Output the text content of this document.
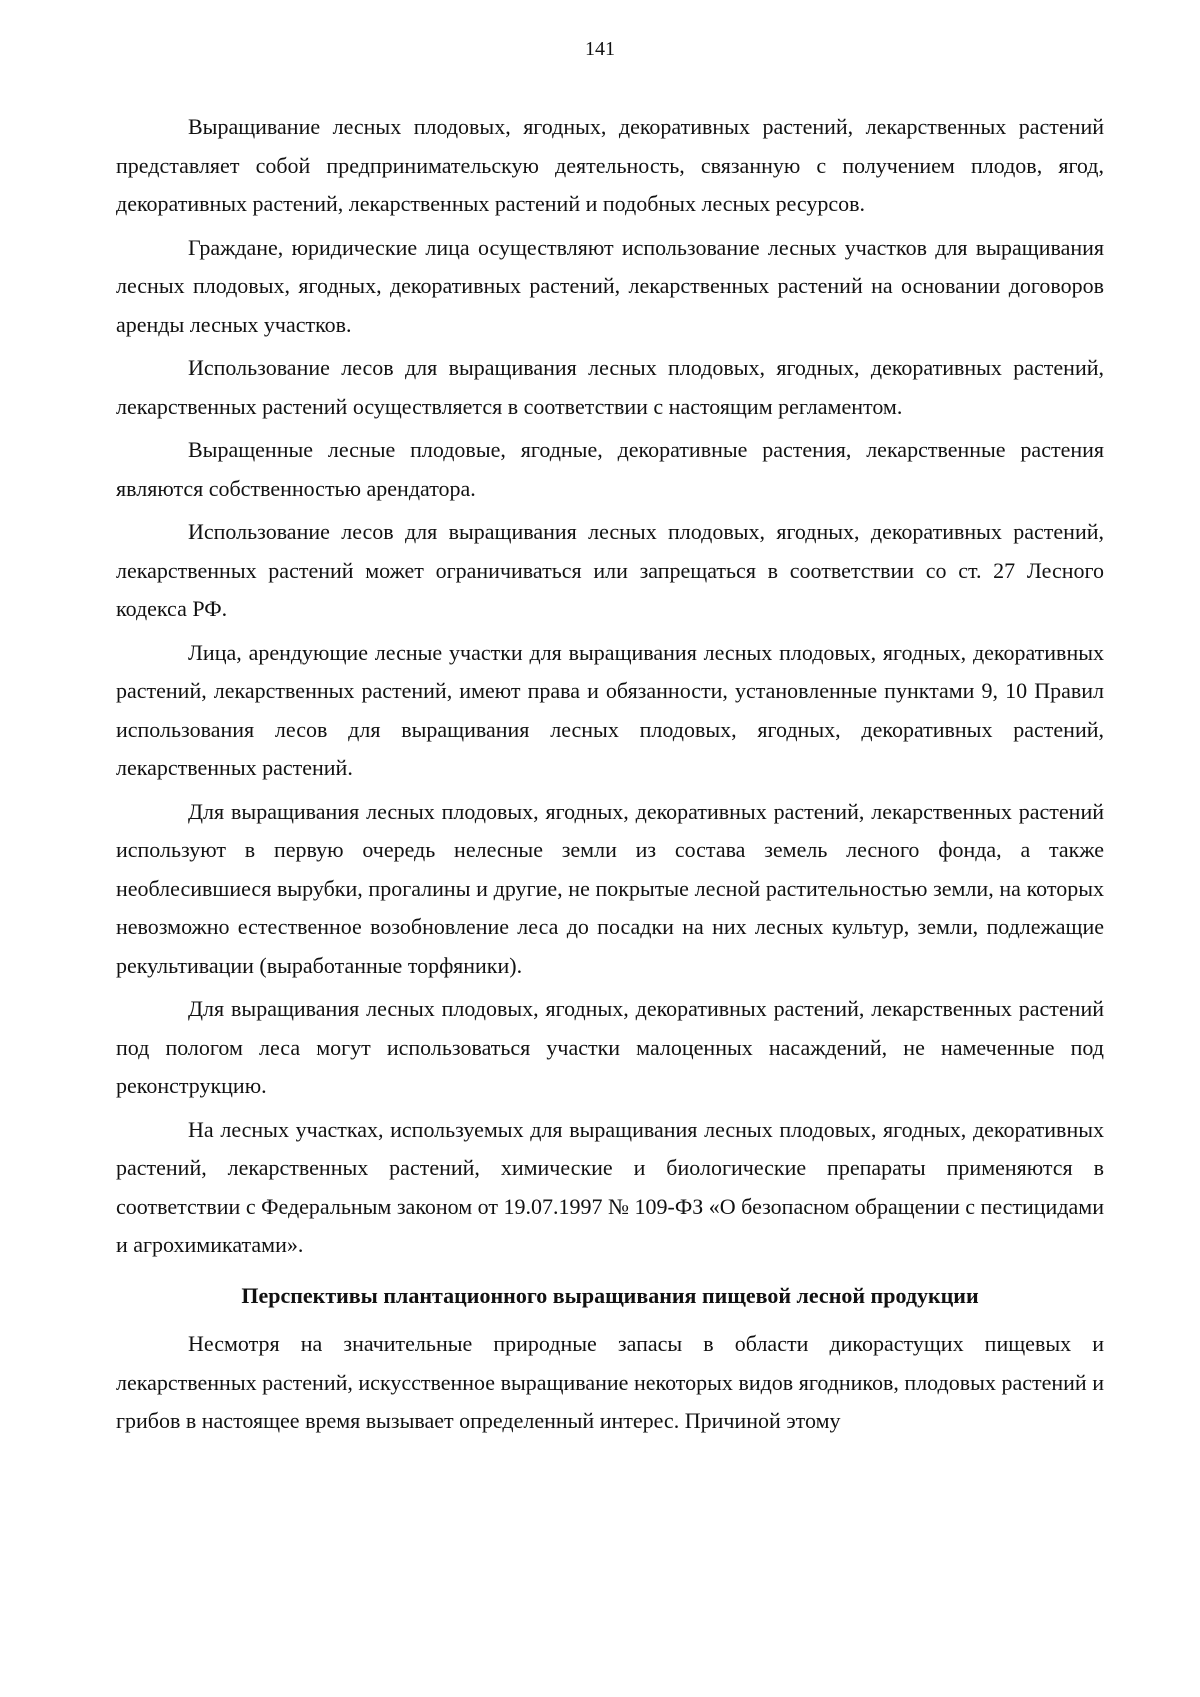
141

Выращивание лесных плодовых, ягодных, декоративных растений, лекарственных растений представляет собой предпринимательскую деятельность, связанную с получением плодов, ягод, декоративных растений, лекарственных растений и подобных лесных ресурсов.

Граждане, юридические лица осуществляют использование лесных участков для выращивания лесных плодовых, ягодных, декоративных растений, лекарственных растений на основании договоров аренды лесных участков.

Использование лесов для выращивания лесных плодовых, ягодных, декоративных растений, лекарственных растений осуществляется в соответствии с настоящим регламентом.

Выращенные лесные плодовые, ягодные, декоративные растения, лекарственные растения являются собственностью арендатора.

Использование лесов для выращивания лесных плодовых, ягодных, декоративных растений, лекарственных растений может ограничиваться или запрещаться в соответствии со ст. 27 Лесного кодекса РФ.

Лица, арендующие лесные участки для выращивания лесных плодовых, ягодных, декоративных растений, лекарственных растений, имеют права и обязанности, установленные пунктами 9, 10 Правил использования лесов для выращивания лесных плодовых, ягодных, декоративных растений, лекарственных растений.

Для выращивания лесных плодовых, ягодных, декоративных растений, лекарственных растений используют в первую очередь нелесные земли из состава земель лесного фонда, а также необлесившиеся вырубки, прогалины и другие, не покрытые лесной растительностью земли, на которых невозможно естественное возобновление леса до посадки на них лесных культур, земли, подлежащие рекультивации (выработанные торфяники).

Для выращивания лесных плодовых, ягодных, декоративных растений, лекарственных растений под пологом леса могут использоваться участки малоценных насаждений, не намеченные под реконструкцию.

На лесных участках, используемых для выращивания лесных плодовых, ягодных, декоративных растений, лекарственных растений, химические и биологические препараты применяются в соответствии с Федеральным законом от 19.07.1997 № 109-ФЗ «О безопасном обращении с пестицидами и агрохимикатами».

Перспективы плантационного выращивания пищевой лесной продукции

Несмотря на значительные природные запасы в области дикорастущих пищевых и лекарственных растений, искусственное выращивание некоторых видов ягодников, плодовых растений и грибов в настоящее время вызывает определенный интерес. Причиной этому
